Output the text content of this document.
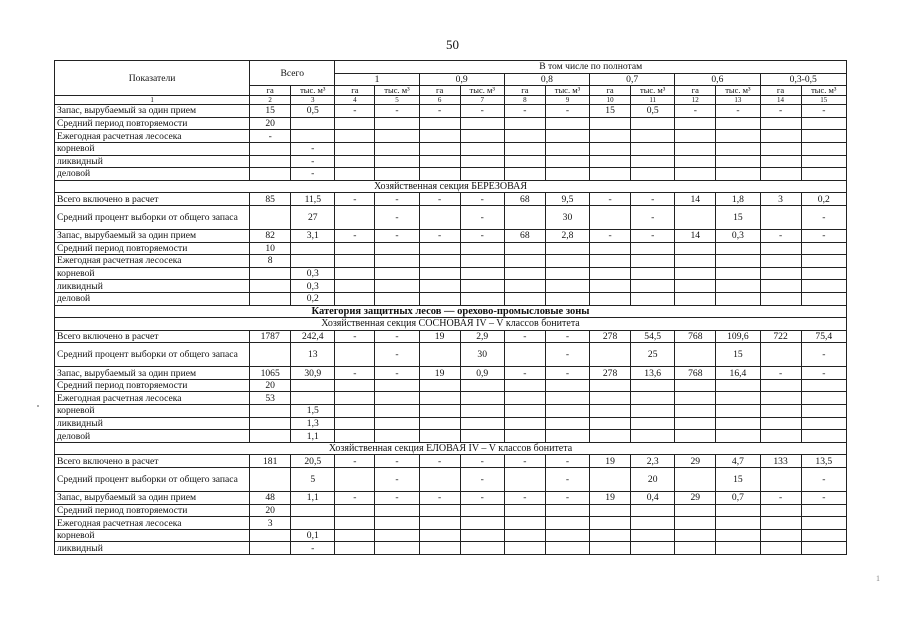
50
Показатели	Всего		В том числе по полнотам											
			1		0,9		0,8		0,7		0,6		0,3-0,5	
	га	тыс. м³	га	тыс. м³	га	тыс. м³	га	тыс. м³	га	тыс. м³	га	тыс. м³	га	тыс. м³
1	2	3	4	5	6	7	8	9	10	11	12	13	14	15
Запас, вырубаемый за один прием	15	0,5	-	-	-	-	-	-	15	0,5	-	-	-	-
Средний период повторяемости	20													
Ежегодная расчетная лесосека	-													
корневой		-												
ликвидный		-												
деловой		-												
Хозяйственная секция БЕРЕЗОВАЯ														
Всего включено в расчет	85	11,5	-	-	-	-	68	9,5	-	-	14	1,8	3	0,2
Средний процент выборки от общего запаса		27		-		-		30		-		15		-
Запас, вырубаемый за один прием	82	3,1	-	-	-	-	68	2,8	-	-	14	0,3	-	-
Средний период повторяемости	10													
Ежегодная расчетная лесосека	8													
корневой		0,3												
ликвидный		0,3												
деловой		0,2												
Категория защитных лесов — орехово-промысловые зоны														
Хозяйственная секция СОСНОВАЯ IV – V классов бонитета														
Всего включено в расчет	1787	242,4	-	-	19	2,9	-	-	278	54,5	768	109,6	722	75,4
Средний процент выборки от общего запаса		13		-		30		-		25		15		-
Запас, вырубаемый за один прием	1065	30,9	-	-	19	0,9	-	-	278	13,6	768	16,4	-	-
Средний период повторяемости	20													
Ежегодная расчетная лесосека	53													
корневой		1,5												
ликвидный		1,3												
деловой		1,1												
Хозяйственная секция ЕЛОВАЯ IV – V классов бонитета														
Всего включено в расчет	181	20,5	-	-	-	-	-	-	19	2,3	29	4,7	133	13,5
Средний процент выборки от общего запаса		5		-		-		-		20		15		-
Запас, вырубаемый за один прием	48	1,1	-	-	-	-	-	-	19	0,4	29	0,7	-	-
Средний период повторяемости	20													
Ежегодная расчетная лесосека	3													
корневой		0,1												
ликвидный		-												
1
